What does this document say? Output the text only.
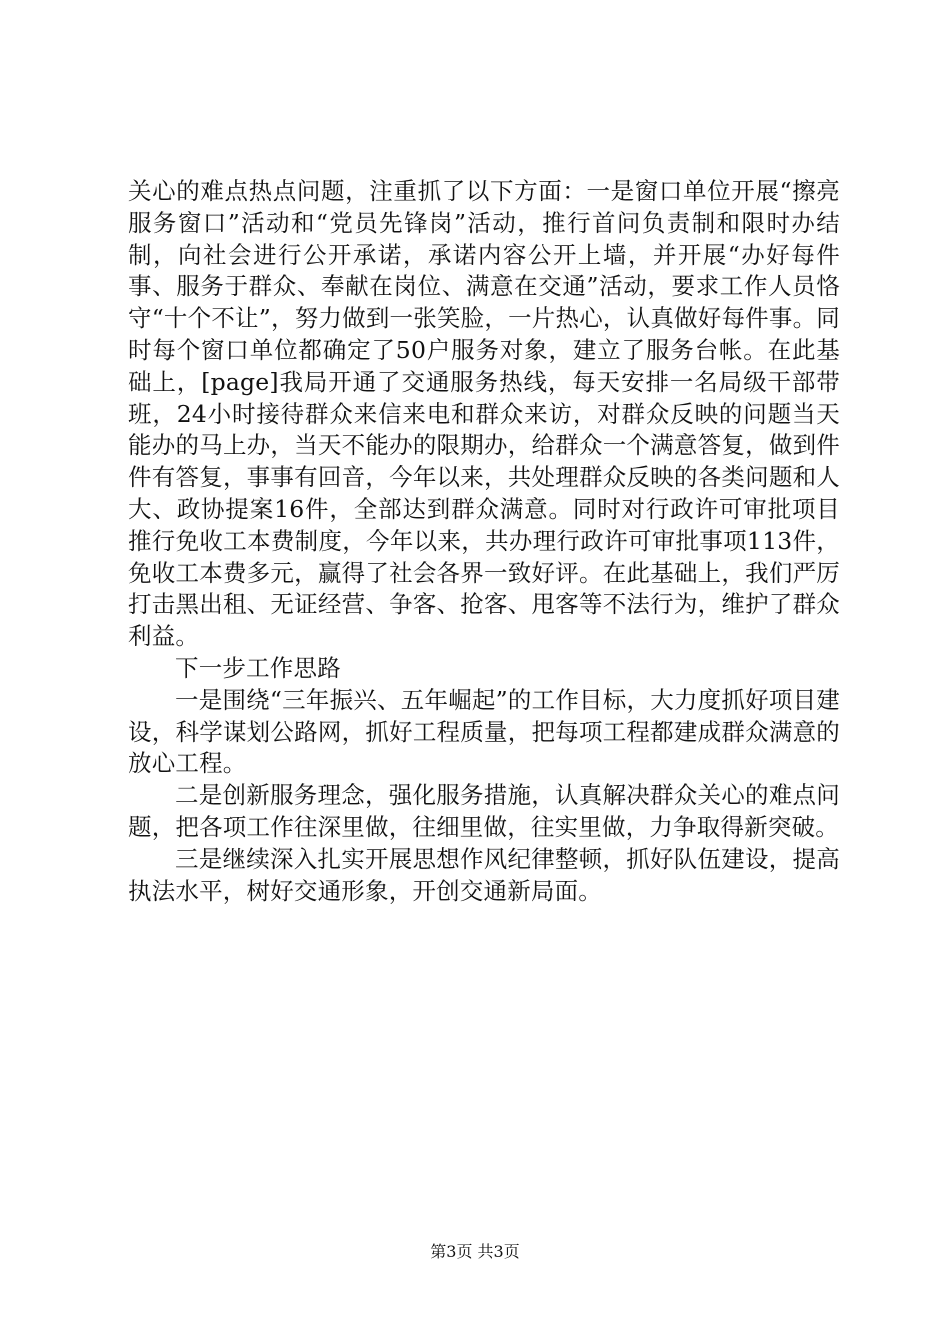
关心的难点热点问题，注重抓了以下方面：一是窗口单位开展“擦亮服务窗口”活动和“党员先锋岗”活动，推行首问负责制和限时办结制，向社会进行公开承诺，承诺内容公开上墙，并开展“办好每件事、服务于群众、奉献在岗位、满意在交通”活动，要求工作人员恪守“十个不让”，努力做到一张笑脸，一片热心，认真做好每件事。同时每个窗口单位都确定了50户服务对象，建立了服务台帐。在此基础上，[page]我局开通了交通服务热线，每天安排一名局级干部带班，24小时接待群众来信来电和群众来访，对群众反映的问题当天能办的马上办，当天不能办的限期办，给群众一个满意答复，做到件件有答复，事事有回音，今年以来，共处理群众反映的各类问题和人大、政协提案16件，全部达到群众满意。同时对行政许可审批项目推行免收工本费制度，今年以来，共办理行政许可审批事项113件，免收工本费多元，赢得了社会各界一致好评。在此基础上，我们严厉打击黑出租、无证经营、争客、抢客、甩客等不法行为，维护了群众利益。

下一步工作思路

一是围绕“三年振兴、五年崛起”的工作目标，大力度抓好项目建设，科学谋划公路网，抓好工程质量，把每项工程都建成群众满意的放心工程。

二是创新服务理念，强化服务措施，认真解决群众关心的难点问题，把各项工作往深里做，往细里做，往实里做，力争取得新突破。

三是继续深入扎实开展思想作风纪律整顿，抓好队伍建设，提高执法水平，树好交通形象，开创交通新局面。

第3页 共3页
